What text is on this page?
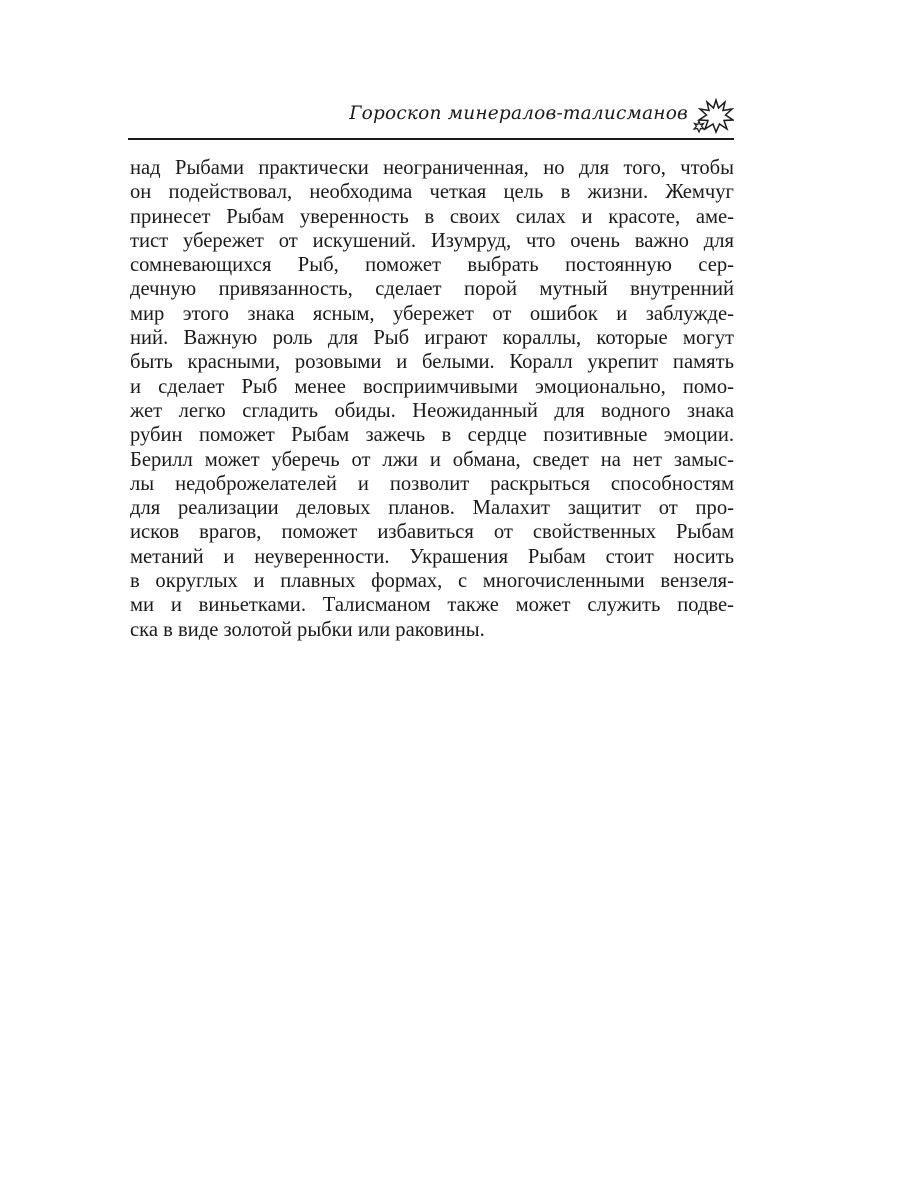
Гороскоп минералов-талисманов
над Рыбами практически неограниченная, но для того, чтобы
он подействовал, необходима четкая цель в жизни. Жемчуг
принесет Рыбам уверенность в своих силах и красоте, аме-
тист убережет от искушений. Изумруд, что очень важно для
сомневающихся Рыб, поможет выбрать постоянную сер-
дечную привязанность, сделает порой мутный внутренний
мир этого знака ясным, убережет от ошибок и заблужде-
ний. Важную роль для Рыб играют кораллы, которые могут
быть красными, розовыми и белыми. Коралл укрепит память
и сделает Рыб менее восприимчивыми эмоционально, помо-
жет легко сгладить обиды. Неожиданный для водного знака
рубин поможет Рыбам зажечь в сердце позитивные эмоции.
Берилл может уберечь от лжи и обмана, сведет на нет замыс-
лы недоброжелателей и позволит раскрыться способностям
для реализации деловых планов. Малахит защитит от про-
исков врагов, поможет избавиться от свойственных Рыбам
метаний и неуверенности. Украшения Рыбам стоит носить
в округлых и плавных формах, с многочисленными вензеля-
ми и виньетками. Талисманом также может служить подве-
ска в виде золотой рыбки или раковины.
